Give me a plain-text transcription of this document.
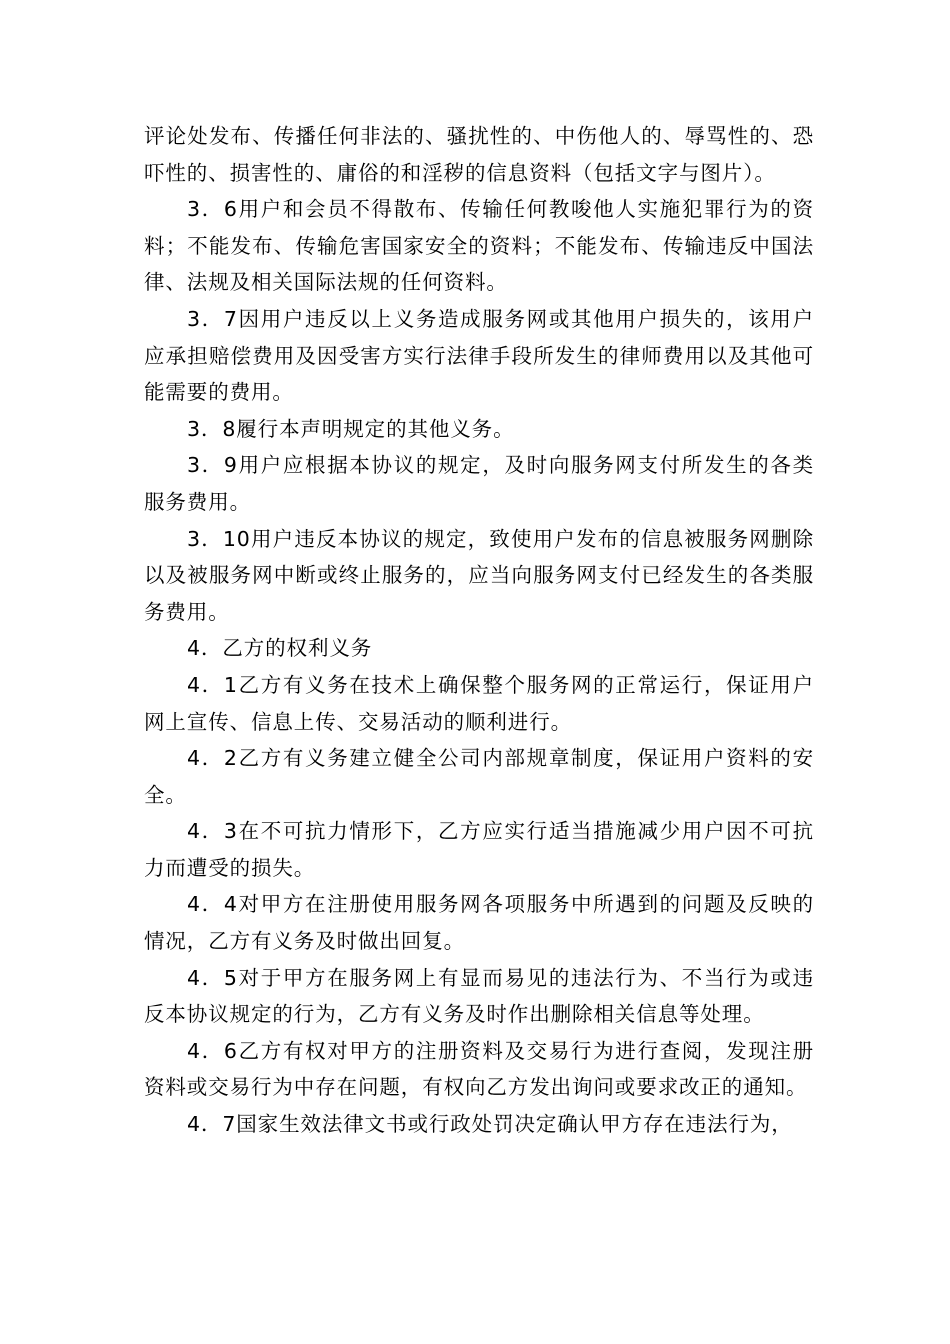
评论处发布、传播任何非法的、骚扰性的、中伤他人的、辱骂性的、恐吓性的、损害性的、庸俗的和淫秽的信息资料（包括文字与图片）。

3．6用户和会员不得散布、传输任何教唆他人实施犯罪行为的资料；不能发布、传输危害国家安全的资料；不能发布、传输违反中国法律、法规及相关国际法规的任何资料。

3．7因用户违反以上义务造成服务网或其他用户损失的，该用户应承担赔偿费用及因受害方实行法律手段所发生的律师费用以及其他可能需要的费用。

3．8履行本声明规定的其他义务。

3．9用户应根据本协议的规定，及时向服务网支付所发生的各类服务费用。

3．10用户违反本协议的规定，致使用户发布的信息被服务网删除以及被服务网中断或终止服务的，应当向服务网支付已经发生的各类服务费用。

4．乙方的权利义务

4．1乙方有义务在技术上确保整个服务网的正常运行，保证用户网上宣传、信息上传、交易活动的顺利进行。

4．2乙方有义务建立健全公司内部规章制度，保证用户资料的安全。

4．3在不可抗力情形下，乙方应实行适当措施减少用户因不可抗力而遭受的损失。

4．4对甲方在注册使用服务网各项服务中所遇到的问题及反映的情况，乙方有义务及时做出回复。

4．5对于甲方在服务网上有显而易见的违法行为、不当行为或违反本协议规定的行为，乙方有义务及时作出删除相关信息等处理。

4．6乙方有权对甲方的注册资料及交易行为进行查阅，发现注册资料或交易行为中存在问题，有权向乙方发出询问或要求改正的通知。

4．7国家生效法律文书或行政处罚决定确认甲方存在违法行为，
